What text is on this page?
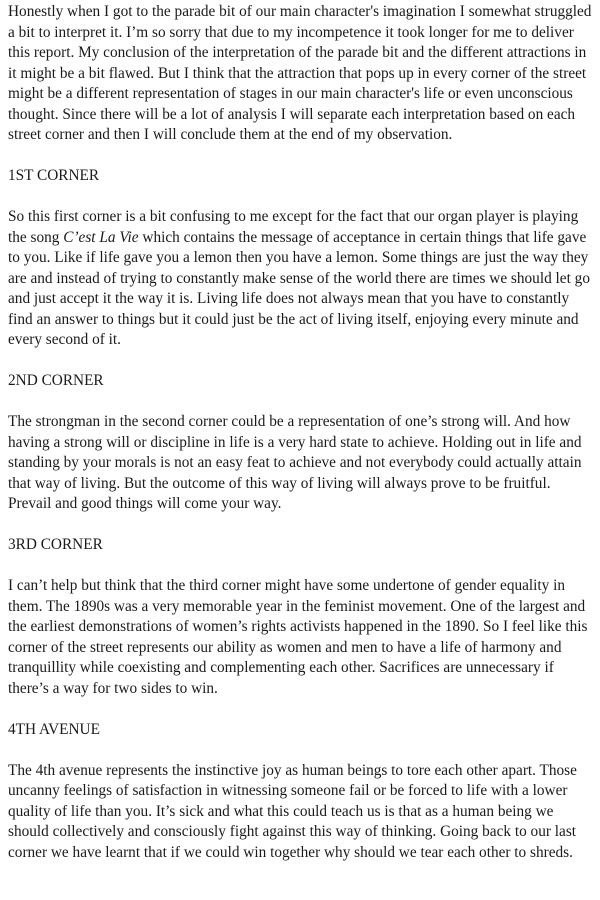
Honestly when I got to the parade bit of our main character's imagination I somewhat struggled a bit to interpret it. I’m so sorry that due to my incompetence it took longer for me to deliver this report. My conclusion of the interpretation of the parade bit and the different attractions in it might be a bit flawed. But I think that the attraction that pops up in every corner of the street might be a different representation of stages in our main character's life or even unconscious thought. Since there will be a lot of analysis I will separate each interpretation based on each street corner and then I will conclude them at the end of my observation.

1ST CORNER

So this first corner is a bit confusing to me except for the fact that our organ player is playing the song C’est La Vie which contains the message of acceptance in certain things that life gave to you. Like if life gave you a lemon then you have a lemon. Some things are just the way they are and instead of trying to constantly make sense of the world there are times we should let go and just accept it the way it is. Living life does not always mean that you have to constantly find an answer to things but it could just be the act of living itself, enjoying every minute and every second of it.

2ND CORNER

The strongman in the second corner could be a representation of one’s strong will. And how having a strong will or discipline in life is a very hard state to achieve. Holding out in life and standing by your morals is not an easy feat to achieve and not everybody could actually attain that way of living. But the outcome of this way of living will always prove to be fruitful. Prevail and good things will come your way.

3RD CORNER

I can’t help but think that the third corner might have some undertone of gender equality in them. The 1890s was a very memorable year in the feminist movement. One of the largest and the earliest demonstrations of women’s rights activists happened in the 1890. So I feel like this corner of the street represents our ability as women and men to have a life of harmony and tranquillity while coexisting and complementing each other. Sacrifices are unnecessary if there’s a way for two sides to win.

4TH AVENUE

The 4th avenue represents the instinctive joy as human beings to tore each other apart. Those uncanny feelings of satisfaction in witnessing someone fail or be forced to life with a lower quality of life than you. It’s sick and what this could teach us is that as a human being we should collectively and consciously fight against this way of thinking. Going back to our last corner we have learnt that if we could win together why should we tear each other to shreds.
